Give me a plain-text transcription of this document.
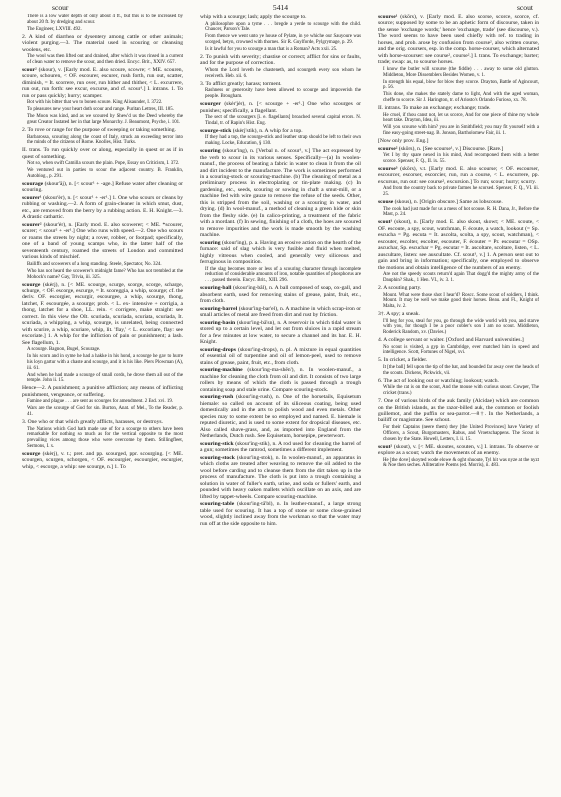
scour	5414	scout

There is a low water depth of only about 4 ft., but this is to be increased by about 20 ft. by dredging and scour.

The Engineer, LXVIII. 492.

2. A kind of diarrhea or dysentery among cattle or other animals; violent purging.—3. The material used in scouring or cleansing woolens, etc.

The wool was then lifted out and drained, after which it was rinsed in a current of clean water to remove the scour, and then dried. Encyc. Brit., XXIV. 657.

scour² (skour), v. [Early mod. E. also scoure, scowre; < ME. scouren, scoure, schouren, < OF. escourer, escurer, rush forth, run out, scatter, diminish, = It. scorrere, run over, run hither and thither, < L. excurrere, run out, run forth: see excur, excurse, and cf. scour¹.] I. intrans. 1. To run or pass quickly; hurry; scamper.

Bot with his bitter that wo to bonen scoure. King Alisaunder, I. 3722.

To pleasures new your heart doth scour and range. Puritan Lettres, III. 185.

The Moon was kind, and as we scoured by Shew'd us the Deed whereby the great Creator Instated her in that large Monarchy. J. Beaumont, Psyche, i. 101.

2. To rove or range for the purpose of sweeping or taking something.

Barbarossa, scouring along the coast of Italy, struck an exceeding terror into the minds of the citizens of Rome. Knolles, Hist. Turks.

II. trans. To run quickly over or along, especially in quest or as if in quest of something.

Not so, when swift Camilla scours the plain. Pope, Essay on Criticism, I. 372.

We ventured out in parties to scour the adjacent country. B. Franklin, Autobiog., p. 291.

scourage (skour'āj), n. [< scour¹ + -age.] Refuse water after cleaning or scouring.

scourer¹ (skour'ėr), n. [< scour¹ + -er¹.] 1. One who scours or cleans by rubbing or washing.—2. A form of grain-cleaner in which smut, dust, etc., are removed from the berry by a rubbing action. E. H. Knight.—3. A drastic cathartic.

scourer² (skour'ėr), n. [Early mod. E. also scowerer; < ME. *scourer, scurer; < scour² + -er¹.] One who runs with speed.—2. One who scours or roams the streets by night; a rover, robber, or footpad; specifically, one of a band of young scamps who, in the latter half of the seventeenth century, roamed the streets of London and committed various kinds of mischief.

Bailiffs and scowerers of a long standing. Steele, Spectator, No. 324.

Who has not heard the scowerer's midnight fame? Who has not trembled at the Mohock's name? Gay, Trivia, iii. 325.

scourge (skėrj), n. [< ME. scourge, scurge, scorge, scorge, scharge, schurge, < OF. escorge, escurge, = It. scoreggia, a whip, scourge; cf. the deriv. OF. escorgier, escurgir, escourgee, a whip, scourge, thong, latchet, F. escourgée, a scourge; prob. < L. ex- intensive + corrigia, a thong, latchet for a shoe, LL. rein. < corrigere, make straight: see correct. In this view the OIt. scuriada, scuriada, scuriata, scuriada, It. scuriada, a whipping, a whip, scourge, is unrelated, being connected with scurire, a whip, scuriare, whip, lit. 'flay,' < L. excoriare, flay: see excoriate.] 1. A whip for the infliction of pain or punishment; a lash. See flagellum, 1.

A scourge. Bagnon, Bugel, Scourage.

In his scorn and in syme he had a hakke in his hond, a scourge he gav to hurre his loyn gartur with a chaste and scourge, and it is his like. Piers Plowman (A), iii. 61.

And when he had made a scourge of small cords, he drove them all out of the temple. John ii. 15.

Hence—2. A punishment; a punitive affliction; any means of inflicting punishment, vengeance, or suffering.

Famine and plague . . . are sent as scourges for amendment. 2 Esd. xvi. 19.

Wars are the scourge of God for sin. Burton, Anat. of Mel., To the Reader, p. 41.

3. One who or that which greatly afflicts, harasses, or destroys.

The Nations which God hath made use of for a scourge to others have been remarkable for nothing so much as for the vertical opposite to the most prevailing vices among those who were overcome by them. Stillingfleet, Sermons, I. x.

scourge (skėrj), v. t.; pret. and pp. scourged, ppr. scourging. [< ME. scourgen, scurgen, schorgen, < OF. escourgier, escourgier, escurgier, whip, < escorge, a whip: see scourge, n.] 1. To

whip with a scourge; lash; apply the scourge to.

A philosophre upon a tyme . . . bregde a yerde to scourge with the child. Chaucer, Parson's Tale.

From thence we went unto ye house of Pylate, in ye whiche our Sauyoure was scorged, betyn, crowned with thornes. Sir R. Guylforde, Pylgrymage, p. 29.

Is it lawful for you to scourge a man that is a Roman? Acts xxii. 25.

2. To punish with severity; chastise or correct; afflict for sins or faults, and for the purpose of correction.

Whom the Lord loveth he chasteneth, and scourgeth every son whom he receiveth. Heb. xii. 6.

3. To afflict greatly; harass; torment.

Rashness or generosity have been allowed to scourge and impoverish the people. Brougham.

scourger (skėr'jėr), n. [< scourge + -er¹.] One who scourges or punishes; specifically, a flagellant.

The sect of the scourgers [i. e. flagellants] broached several capital errors. N. Tindal, tr. of Rapin's Hist. Eng.

scourge-stick (skėrj'stik), n. A whip for a top.

If they had a top, the scourge-stick and leather strap should be left to their own making. Locke, Education, § 130.

scouring (skour'ing), n. [Verbal n. of scour¹, v.] The act expressed by the verb to scour in its various senses. Specifically—(a) In woolen-manuf., the process of beating a fabric in water to clean it from the oil and dirt incident to the manufacture. The work is sometimes performed in a scouring-stock or scouring-machine. (b) The cleaning of metal as a preliminary process in electroplating or tin-plate making. (c) In gardening, etc., seeds, scouring or sowing in chaft a smut-mill, or a machine fed with wire gauze to remove the refuse of the seeds. Other, this is stripped from the soil, washing or a scouring in water, and drying. (d) In wool-manuf., a method of cleaning a green hide or skin from the fleshy side. (e) In calico-printing, a treatment of the fabric with a mordant. (f) In sewing, finishing of a cloth, the hoes are scoured to remove impurities and the work is made smooth by the washing machine.

scouring (skour'ing), p. a. Having an erosive action on the hearth of the furnace: said of slag which is very fusible and fluid when melted, highly vitreous when cooled, and generally very siliceous and ferruginous in composition.

If the slag becomes more or less of a scouring character through incomplete reduction of considerable amounts of iron, notable quantities of phosphorus are . . . passed therein. Encyc. Brit., XIII. 296.

scouring-ball (skour'ing-bâl), n. A ball composed of soap, ox-gall, and absorbent earth, used for removing stains of grease, paint, fruit, etc., from cloth.

scouring-barrel (skour'ing-bar'el), n. A machine in which scrap-iron or small articles of metal are freed from dirt and rust by friction.

scouring-basin (skour'ing-bā'sn), n. A reservoir in which tidal water is stored up to a certain level, and let out from sluices in a rapid stream for a few minutes at low water, to secure a channel and its bar. E. H. Knight.

scouring-drops (skour'ing-drops), n. pl. A mixture in equal quantities of essential oil of turpentine and oil of lemon-peel, used to remove stains of grease, paint, fruit, etc., from cloth.

scouring-machine (skour'ing-ma-shēn'), n. In woolen-manuf., a machine for cleaning the cloth from oil and dirt. It consists of two large rollers by means of which the cloth is passed through a trough containing soap and stale urine. Compare scouring-stock.

scouring-rush (skour'ing-rush), n. One of the horsetails, Equisetum hiemale: so called on account of its siliceous coating, being used domestically and in the arts to polish wood and even metals. Other species may to some extent be so employed and named. E. hiemale is reputed diuretic, and is used to some extent for dropsical diseases, etc. Also called shave-grass, and, as imported into England from the Netherlands, Dutch rush. See Equisetum, horsepipe, pewterwort.

scouring-stick (skour'ing-stik), n. A rod used for cleaning the barrel of a gun; sometimes the ramrod, sometimes a different implement.

scouring-stock (skour'ing-stok), n. In woolen-manuf., an apparatus in which cloths are treated after weaving to remove the oil added to the wool before carding and to cleanse them from the dirt taken up in the process of manufacture. The cloth is put into a trough containing a solution in water of fuller's earth, urine, and soda or fullers' earth, and pounded with heavy oaken mallets which oscillate on an axis, and are lifted by tappet-wheels. Compare scouring-machine.

scouring-table (skour'ing-tā'bl), n. In leather-manuf., a large strong table used for scouring. It has a top of stone or some close-grained wood, slightly inclined away from the workman so that the water may run off at the side opposite to him.

scourse¹ (skōrs), v. [Early mod. E. also scorse, scorce, scorce, cf. source; supposed by some to be an aphetic form of discourse, taken in the sense 'exchange words;' hence 'exchange, trade' (see discourse, v.). The word seems to have been used chiefly with ref. to trading in horses, and prob. arose by confusion from course², also written course, and the orig. coursers, esp. in the comp. horse-courser, which alternated with horse-scourser: see course², course².] I. trans. To exchange; barter; trade; swap: as, to scourse horses.

I know the butler will scourse (the fiddle) . . . away to some old glutton. Middleton, More Dissemblers Besides Women, v. 1.

In strength his equal, blow for blow they scorce. Drayton, Battle of Agincourt, p. 56.

This done, she makes the stately dame to light, And with the aged woman, cheffe to scorce. Sir J. Harington, tr. of Ariosto's Orlando Furioso, xx. 78.

II. intrans. To make an exchange; exchange; trade.

He cruel, if thou canst not, let us scorce, And for one piece of thine my whole heart take. Drayton, Idea, iii.

Will you scourse with him? you are in Smithfield; you may fit yourself with a fine easy-going street-nag. B. Jonson, Bartholomew Fair, iii. 1.

[Now only prov. Eng.]

scourse² (skōrs), n. [See scourse¹, v.] Discourse. [Rare.]

Yet I by thy spare nexed in his mind, And recomponed them with a better scorce. Spenser, F. Q., II. ix. 55.

scourse³ (skōrs), v.t. [Early mod. E. also scourse; < OF. escourser, escourcer, escorser, escorcier, run, run a course, < L. excurrere, pp. excursus, run out: see course², excursion.] To run; scour; hurry; scurry.

And from the country back to private farmes he scorsed. Spenser, F. Q., VI. iii. 25.

scouse (skous), n. [Origin obscure.] Same as lobscouse.

The cook had just made for us a mess of hot scouse. R. H. Dana, Jr., Before the Mast, p. 24.

scout¹ (skout), n. [Early mod. E. also skout, skowt; < ME. scoute, < OF. escoute, a spy, scout, watchman, F. écoute, a watch, lookout (= Sp. escucha = Pg. escuta = It. ascolta, scolta, a spy, scout, watchman), < escouter, escolter, escolter, escouter, F. écouter = Pr. escoutar = OSp. ascuchar, Sp. escuchar = Pg. escutar = It. ascoltare, scoltare, listen, < L. auscultare, listen: see auscultate. Cf. scout¹, v.] 1. A person sent out to gain and bring in information; specifically, one employed to observe the motions and obtain intelligence of the numbers of an enemy.

Are not the speedy scouts return'd again That dogg'd the mighty army of the Dauphin? Shak., 1 Hen. VI., iv. 3. 1.

2. A scouting party.

Mount. What were those shot I hear'd? Roscc. Some scout of soldiers, I think. Mount. It may be well we make good their horses. Beau. and Fl., Knight of Malta, iv. 2.

3†. A spy; a sneak.

I'll beg for you, steal for you, go through the wide world with you, and starve with you, for though I be a poor cobler's son I am no scout. Middleton, Roderick Random, xv. (Davies.)

4. A college servant or waiter. [Oxford and Harvard universities.]

No scout is visited, a gyp in Cambridge, ever matched him in speed and intelligence. Scott, Fortunes of Nigel, xvi.

5. In cricket, a fielder.

It [the ball] fell upon the tip of the bat, and bounded far away over the heads of the scouts. Dickens, Pickwick, vii.

6. The act of looking out or watching; lookout; watch.

While the rat is on the scout, And the mouse with curious snout. Cowper, The cricket (trans.)

7. One of various birds of the auk family (Alcidae) which are common on the British islands, as the razor-billed auk, the common or foolish guillemot, and the puffin or sea-parrot.—8†. In the Netherlands, a bailiff or magistrate. See schout.

For their Captains (neere them) they [the United Provinces] have Variety of Officers, a Scout, Burgomasters, Rabus, and Vroetschappens. The Scout is chosen by the State. Howell, Letters, I. ii. 15.

scout² (skout), v. [< ME. skoutes, scouten, v.] I. intrans. To observe or explore as a scout; watch the movements of an enemy.

He [the dove] skoyted wode elowe & oght shuoute, Tyl hit was nyze at the nyzt & Noe then seches. Alliterative Poems (ed. Morris), ii. 483.
